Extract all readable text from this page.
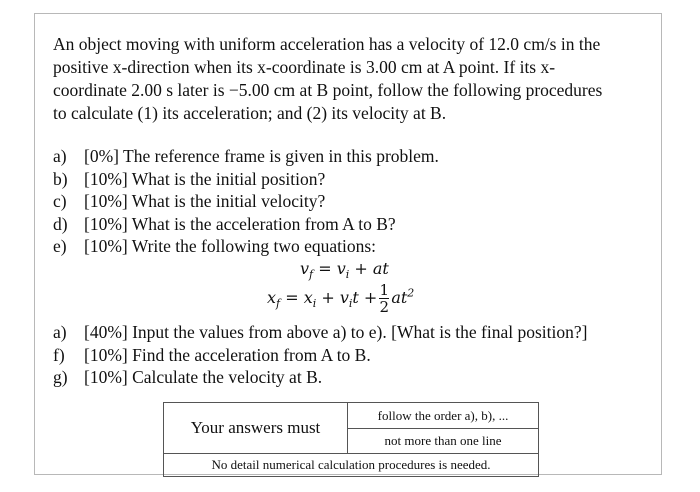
An object moving with uniform acceleration has a velocity of 12.0 cm/s in the
positive x-direction when its x-coordinate is 3.00 cm at A point. If its x-
coordinate 2.00 s later is −5.00 cm at B point, follow the following procedures
to calculate (1) its acceleration; and (2) its velocity at B.
a) [0%] The reference frame is given in this problem.
b) [10%] What is the initial position?
c) [10%] What is the initial velocity?
d) [10%] What is the acceleration from A to B?
e) [10%] Write the following two equations:
$v_f = v_i$ + at
$x_f = x_i + v_it + \frac{1}{2} at^2$
a) [40%] Input the values from above a) to e). [What is the final position?]
f)	[10%] Find the acceleration from A to B.
g) [10%] Calculate the velocity at B.
Your answers must
follow the order a), b), ...
not more than one line
No detail numerical calculation procedures is needed.
